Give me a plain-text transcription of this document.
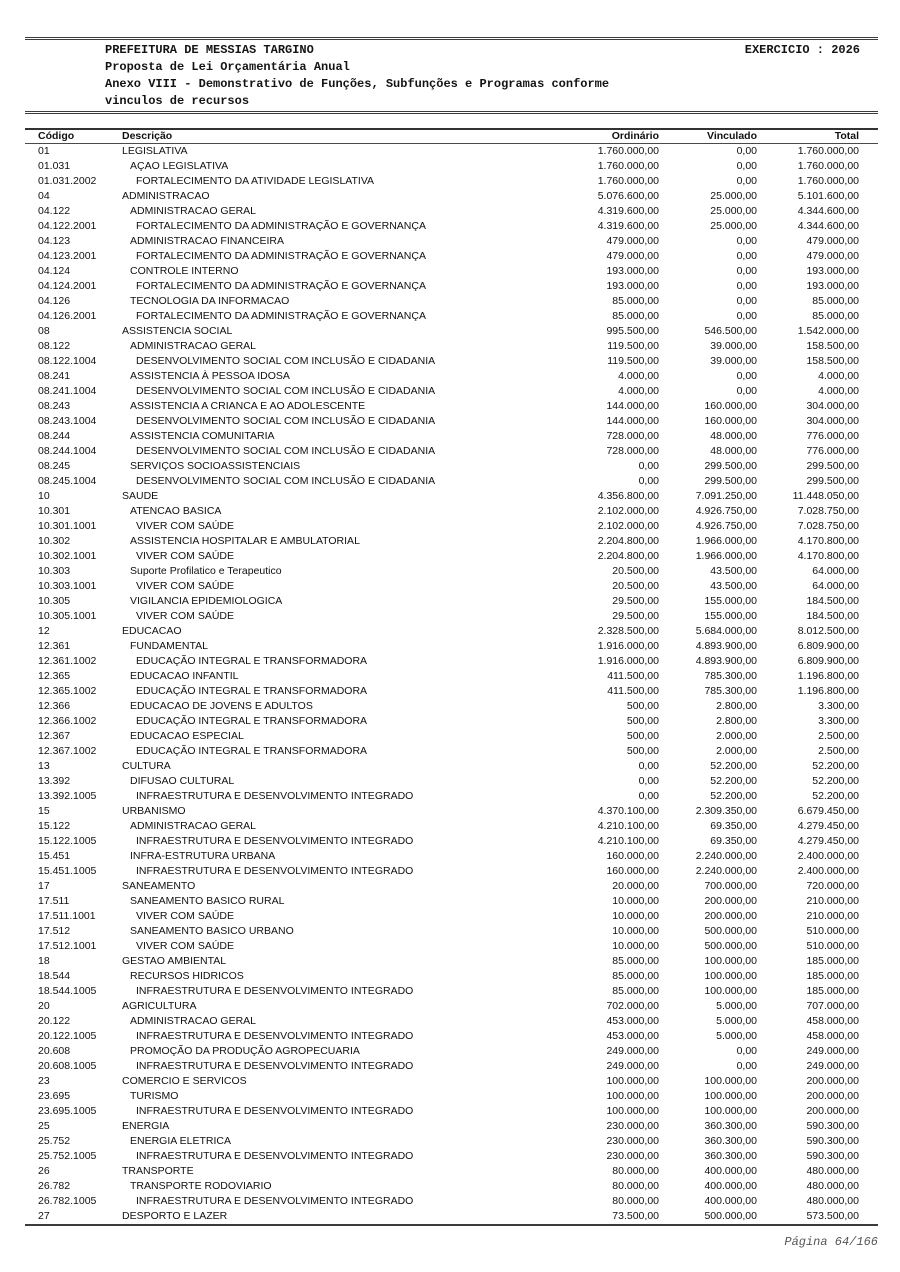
PREFEITURA DE MESSIAS TARGINO	EXERCICIO : 2026
Proposta de Lei Orçamentária Anual
Anexo VIII - Demonstrativo de Funções, Subfunções e Programas conforme
vinculos de recursos
Código	Descrição	Ordinário	Vinculado	Total
01	LEGISLATIVA	1.760.000,00	0,00	1.760.000,00
01.031	AÇAO LEGISLATIVA	1.760.000,00	0,00	1.760.000,00
01.031.2002	FORTALECIMENTO DA ATIVIDADE LEGISLATIVA	1.760.000,00	0,00	1.760.000,00
04	ADMINISTRACAO	5.076.600,00	25.000,00	5.101.600,00
04.122	ADMINISTRACAO GERAL	4.319.600,00	25.000,00	4.344.600,00
04.122.2001	FORTALECIMENTO DA ADMINISTRAÇÃO E GOVERNANÇA	4.319.600,00	25.000,00	4.344.600,00
04.123	ADMINISTRACAO FINANCEIRA	479.000,00	0,00	479.000,00
04.123.2001	FORTALECIMENTO DA ADMINISTRAÇÃO E GOVERNANÇA	479.000,00	0,00	479.000,00
04.124	CONTROLE INTERNO	193.000,00	0,00	193.000,00
04.124.2001	FORTALECIMENTO DA ADMINISTRAÇÃO E GOVERNANÇA	193.000,00	0,00	193.000,00
04.126	TECNOLOGIA DA INFORMACAO	85.000,00	0,00	85.000,00
04.126.2001	FORTALECIMENTO DA ADMINISTRAÇÃO E GOVERNANÇA	85.000,00	0,00	85.000,00
08	ASSISTENCIA SOCIAL	995.500,00	546.500,00	1.542.000,00
08.122	ADMINISTRACAO GERAL	119.500,00	39.000,00	158.500,00
08.122.1004	DESENVOLVIMENTO SOCIAL COM INCLUSÃO E CIDADANIA	119.500,00	39.000,00	158.500,00
08.241	ASSISTENCIA À PESSOA IDOSA	4.000,00	0,00	4.000,00
08.241.1004	DESENVOLVIMENTO SOCIAL COM INCLUSÃO E CIDADANIA	4.000,00	0,00	4.000,00
08.243	ASSISTENCIA A CRIANCA E AO ADOLESCENTE	144.000,00	160.000,00	304.000,00
08.243.1004	DESENVOLVIMENTO SOCIAL COM INCLUSÃO E CIDADANIA	144.000,00	160.000,00	304.000,00
08.244	ASSISTENCIA COMUNITARIA	728.000,00	48.000,00	776.000,00
08.244.1004	DESENVOLVIMENTO SOCIAL COM INCLUSÃO E CIDADANIA	728.000,00	48.000,00	776.000,00
08.245	SERVIÇOS SOCIOASSISTENCIAIS	0,00	299.500,00	299.500,00
08.245.1004	DESENVOLVIMENTO SOCIAL COM INCLUSÃO E CIDADANIA	0,00	299.500,00	299.500,00
10	SAUDE	4.356.800,00	7.091.250,00	11.448.050,00
10.301	ATENCAO BASICA	2.102.000,00	4.926.750,00	7.028.750,00
10.301.1001	VIVER COM SAÚDE	2.102.000,00	4.926.750,00	7.028.750,00
10.302	ASSISTENCIA HOSPITALAR E AMBULATORIAL	2.204.800,00	1.966.000,00	4.170.800,00
10.302.1001	VIVER COM SAÚDE	2.204.800,00	1.966.000,00	4.170.800,00
10.303	Suporte Profilatico e Terapeutico	20.500,00	43.500,00	64.000,00
10.303.1001	VIVER COM SAÚDE	20.500,00	43.500,00	64.000,00
10.305	VIGILANCIA EPIDEMIOLOGICA	29.500,00	155.000,00	184.500,00
10.305.1001	VIVER COM SAÚDE	29.500,00	155.000,00	184.500,00
12	EDUCACAO	2.328.500,00	5.684.000,00	8.012.500,00
12.361	FUNDAMENTAL	1.916.000,00	4.893.900,00	6.809.900,00
12.361.1002	EDUCAÇÃO INTEGRAL E TRANSFORMADORA	1.916.000,00	4.893.900,00	6.809.900,00
12.365	EDUCACAO INFANTIL	411.500,00	785.300,00	1.196.800,00
12.365.1002	EDUCAÇÃO INTEGRAL E TRANSFORMADORA	411.500,00	785.300,00	1.196.800,00
12.366	EDUCACAO DE JOVENS E ADULTOS	500,00	2.800,00	3.300,00
12.366.1002	EDUCAÇÃO INTEGRAL E TRANSFORMADORA	500,00	2.800,00	3.300,00
12.367	EDUCACAO ESPECIAL	500,00	2.000,00	2.500,00
12.367.1002	EDUCAÇÃO INTEGRAL E TRANSFORMADORA	500,00	2.000,00	2.500,00
13	CULTURA	0,00	52.200,00	52.200,00
13.392	DIFUSAO CULTURAL	0,00	52.200,00	52.200,00
13.392.1005	INFRAESTRUTURA E DESENVOLVIMENTO INTEGRADO	0,00	52.200,00	52.200,00
15	URBANISMO	4.370.100,00	2.309.350,00	6.679.450,00
15.122	ADMINISTRACAO GERAL	4.210.100,00	69.350,00	4.279.450,00
15.122.1005	INFRAESTRUTURA E DESENVOLVIMENTO INTEGRADO	4.210.100,00	69.350,00	4.279.450,00
15.451	INFRA-ESTRUTURA URBANA	160.000,00	2.240.000,00	2.400.000,00
15.451.1005	INFRAESTRUTURA E DESENVOLVIMENTO INTEGRADO	160.000,00	2.240.000,00	2.400.000,00
17	SANEAMENTO	20.000,00	700.000,00	720.000,00
17.511	SANEAMENTO BASICO RURAL	10.000,00	200.000,00	210.000,00
17.511.1001	VIVER COM SAÚDE	10.000,00	200.000,00	210.000,00
17.512	SANEAMENTO BASICO URBANO	10.000,00	500.000,00	510.000,00
17.512.1001	VIVER COM SAÚDE	10.000,00	500.000,00	510.000,00
18	GESTAO AMBIENTAL	85.000,00	100.000,00	185.000,00
18.544	RECURSOS HIDRICOS	85.000,00	100.000,00	185.000,00
18.544.1005	INFRAESTRUTURA E DESENVOLVIMENTO INTEGRADO	85.000,00	100.000,00	185.000,00
20	AGRICULTURA	702.000,00	5.000,00	707.000,00
20.122	ADMINISTRACAO GERAL	453.000,00	5.000,00	458.000,00
20.122.1005	INFRAESTRUTURA E DESENVOLVIMENTO INTEGRADO	453.000,00	5.000,00	458.000,00
20.608	PROMOÇÃO DA PRODUÇÃO AGROPECUARIA	249.000,00	0,00	249.000,00
20.608.1005	INFRAESTRUTURA E DESENVOLVIMENTO INTEGRADO	249.000,00	0,00	249.000,00
23	COMERCIO E SERVICOS	100.000,00	100.000,00	200.000,00
23.695	TURISMO	100.000,00	100.000,00	200.000,00
23.695.1005	INFRAESTRUTURA E DESENVOLVIMENTO INTEGRADO	100.000,00	100.000,00	200.000,00
25	ENERGIA	230.000,00	360.300,00	590.300,00
25.752	ENERGIA ELETRICA	230.000,00	360.300,00	590.300,00
25.752.1005	INFRAESTRUTURA E DESENVOLVIMENTO INTEGRADO	230.000,00	360.300,00	590.300,00
26	TRANSPORTE	80.000,00	400.000,00	480.000,00
26.782	TRANSPORTE RODOVIARIO	80.000,00	400.000,00	480.000,00
26.782.1005	INFRAESTRUTURA E DESENVOLVIMENTO INTEGRADO	80.000,00	400.000,00	480.000,00
27	DESPORTO E LAZER	73.500,00	500.000,00	573.500,00
Página 64/166
